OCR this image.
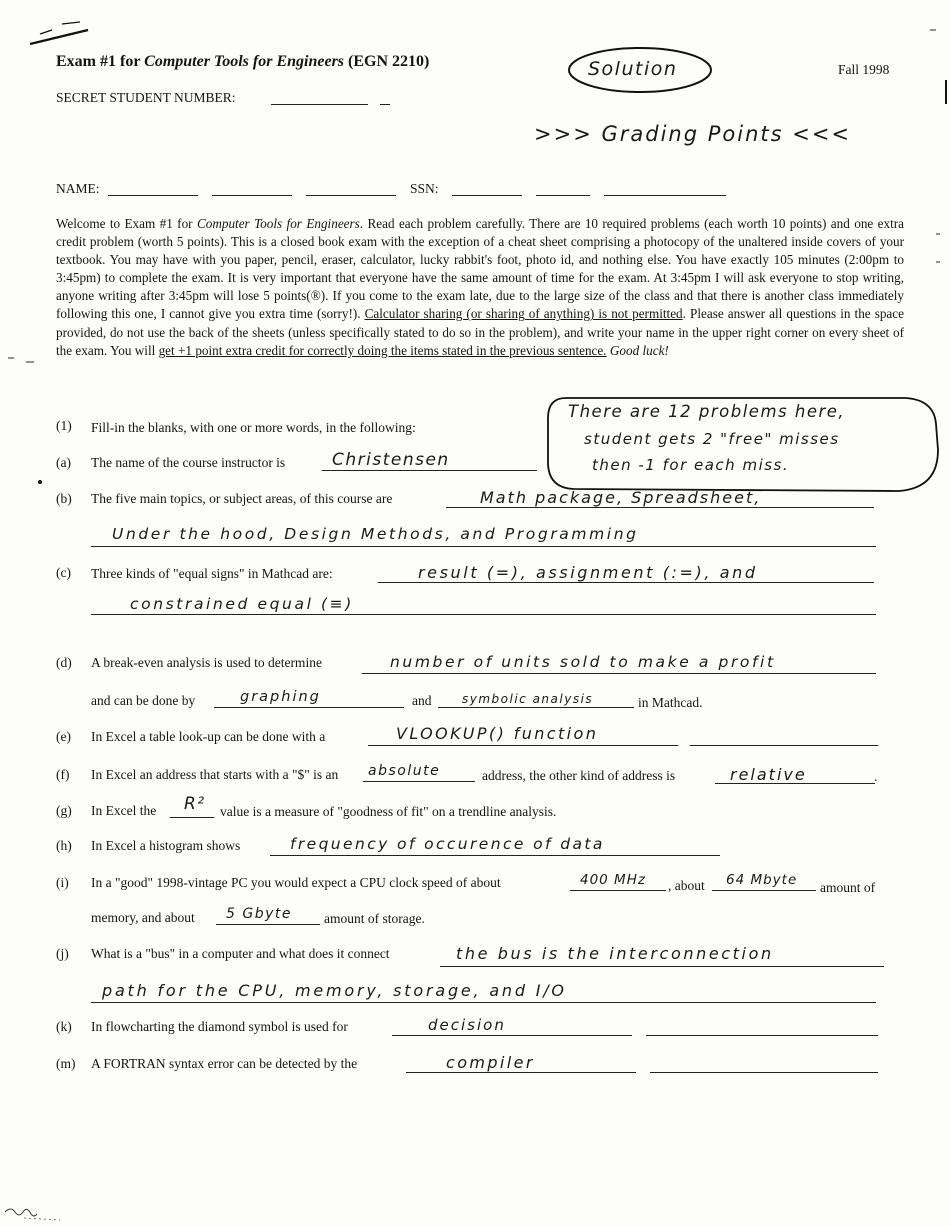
Exam #1 for Computer Tools for Engineers (EGN 2210)	Solution	Fall 1998
SECRET STUDENT NUMBER:
>>> Grading Points <<<
NAME:	SSN:
Welcome to Exam #1 for Computer Tools for Engineers. Read each problem carefully. There are 10 required problems (each worth 10 points) and one extra credit problem (worth 5 points). This is a closed book exam with the exception of a cheat sheet comprising a photocopy of the unaltered inside covers of your textbook. You may have with you paper, pencil, eraser, calculator, lucky rabbit's foot, photo id, and nothing else. You have exactly 105 minutes (2:00pm to 3:45pm) to complete the exam. It is very important that everyone have the same amount of time for the exam. At 3:45pm I will ask everyone to stop writing, anyone writing after 3:45pm will lose 5 points(®). If you come to the exam late, due to the large size of the class and that there is another class immediately following this one, I cannot give you extra time (sorry!). Calculator sharing (or sharing of anything) is not permitted. Please answer all questions in the space provided, do not use the back of the sheets (unless specifically stated to do so in the problem), and write your name in the upper right corner on every sheet of the exam. You will get +1 point extra credit for correctly doing the items stated in the previous sentence. Good luck!
There are 12 problems here,
student gets 2 "free" misses
then -1 for each miss.
(1) Fill-in the blanks, with one or more words, in the following:
(a) The name of the course instructor is	Christensen
(b) The five main topics, or subject areas, of this course are	Math package, Spreadsheet,
Under the hood, Design Methods, and Programming
(c) Three kinds of "equal signs" in Mathcad are:	result (=), assignment (:=), and
constrained equal (≡)
(d) A break-even analysis is used to determine	number of units sold to make a profit
and can be done by	graphing	and	symbolic analysis	in Mathcad.
(e) In Excel a table look-up can be done with a	VLOOKUP() function
(f) In Excel an address that starts with a "$" is an absolute	address, the other kind of address is	relative	.
(g) In Excel the R² value is a measure of "goodness of fit" on a trendline analysis.
(h) In Excel a histogram shows	frequency of occurence of data
(i) In a "good" 1998-vintage PC you would expect a CPU clock speed of about	400 MHz , about 64 Mbyte amount of
memory, and about 5 Gbyte amount of storage.
(j) What is a "bus" in a computer and what does it connect	the bus is the interconnection
path for the CPU, memory, storage, and I/O
(k) In flowcharting the diamond symbol is used for	decision
(m) A FORTRAN syntax error can be detected by the	compiler
